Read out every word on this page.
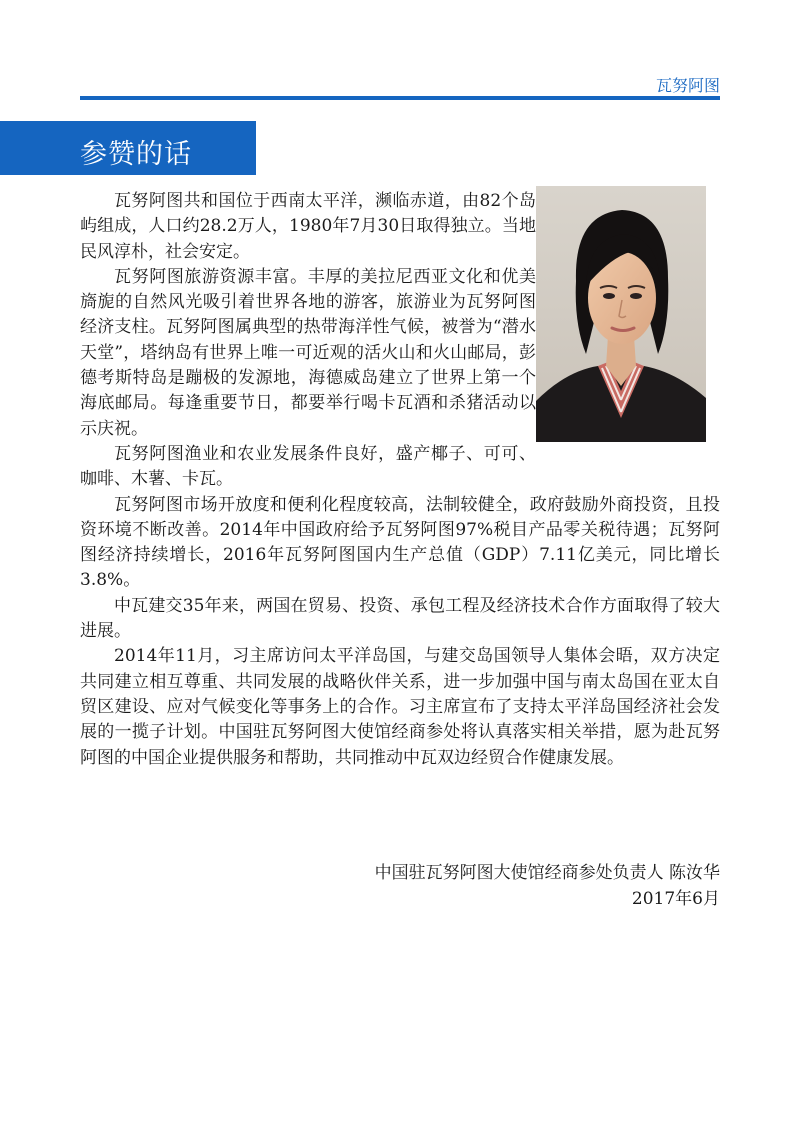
瓦努阿图
参赞的话

瓦努阿图共和国位于西南太平洋，濒临赤道，由82个岛屿组成，人口约28.2万人，1980年7月30日取得独立。当地民风淳朴，社会安定。

瓦努阿图旅游资源丰富。丰厚的美拉尼西亚文化和优美旖旎的自然风光吸引着世界各地的游客，旅游业为瓦努阿图经济支柱。瓦努阿图属典型的热带海洋性气候，被誉为“潜水天堂”，塔纳岛有世界上唯一可近观的活火山和火山邮局，彭德考斯特岛是蹦极的发源地，海德威岛建立了世界上第一个海底邮局。每逢重要节日，都要举行喝卡瓦酒和杀猪活动以示庆祝。

瓦努阿图渔业和农业发展条件良好，盛产椰子、可可、咖啡、木薯、卡瓦。

瓦努阿图市场开放度和便利化程度较高，法制较健全，政府鼓励外商投资，且投资环境不断改善。2014年中国政府给予瓦努阿图97%税目产品零关税待遇；瓦努阿图经济持续增长，2016年瓦努阿图国内生产总值（GDP）7.11亿美元，同比增长3.8%。

中瓦建交35年来，两国在贸易、投资、承包工程及经济技术合作方面取得了较大进展。

2014年11月，习主席访问太平洋岛国，与建交岛国领导人集体会晤，双方决定共同建立相互尊重、共同发展的战略伙伴关系，进一步加强中国与南太岛国在亚太自贸区建设、应对气候变化等事务上的合作。习主席宣布了支持太平洋岛国经济社会发展的一揽子计划。中国驻瓦努阿图大使馆经商参处将认真落实相关举措，愿为赴瓦努阿图的中国企业提供服务和帮助，共同推动中瓦双边经贸合作健康发展。

中国驻瓦努阿图大使馆经商参处负责人 陈汝华
2017年6月
